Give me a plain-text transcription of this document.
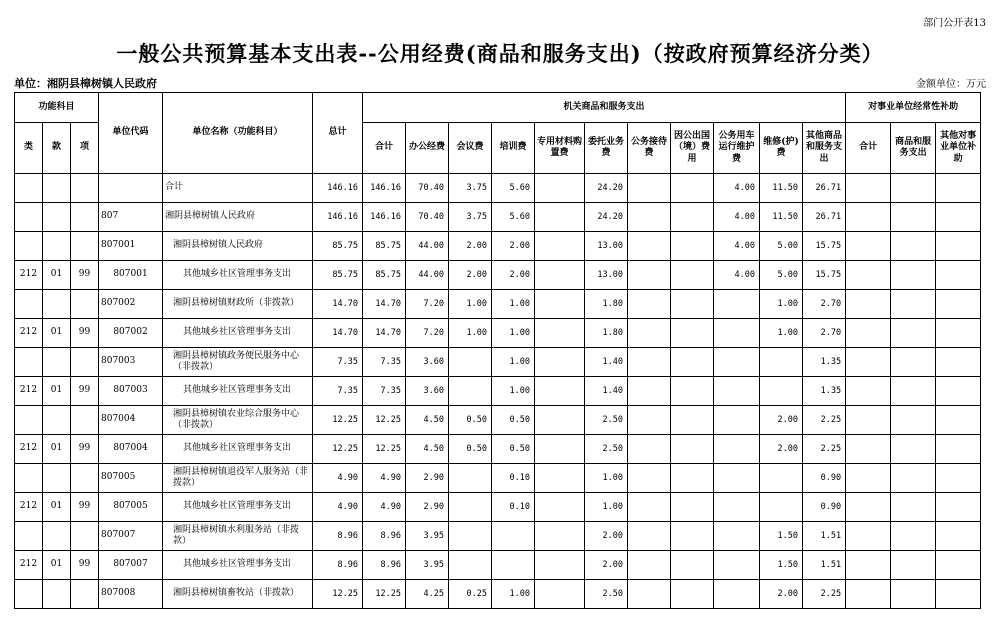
部门公开表13
一般公共预算基本支出表--公用经费(商品和服务支出)（按政府预算经济分类）
单位：湘阴县樟树镇人民政府	金额单位：万元
功能科目			单位代码	单位名称（功能科目）	总计	机关商品和服务支出											对事业单位经常性补助		
类	款	项				合计	办公经费	会议费	培训费	专用材料购置费	委托业务费	公务接待费	因公出国（境）费用	公务用车运行维护费	维修(护)费	其他商品和服务支出	合计	商品和服务支出	其他对事业单位补助
				合计	146.16	146.16	70.40	3.75	5.60		24.20			4.00	11.50	26.71			
			807	湘阴县樟树镇人民政府	146.16	146.16	70.40	3.75	5.60		24.20			4.00	11.50	26.71			
			807001	湘阴县樟树镇人民政府	85.75	85.75	44.00	2.00	2.00		13.00			4.00	5.00	15.75			
212	01	99	807001	其他城乡社区管理事务支出	85.75	85.75	44.00	2.00	2.00		13.00			4.00	5.00	15.75			
			807002	湘阴县樟树镇财政所（非拨款）	14.70	14.70	7.20	1.00	1.00		1.80				1.00	2.70			
212	01	99	807002	其他城乡社区管理事务支出	14.70	14.70	7.20	1.00	1.00		1.80				1.00	2.70			
			807003	湘阴县樟树镇政务便民服务中心（非拨款）	7.35	7.35	3.60		1.00		1.40					1.35			
212	01	99	807003	其他城乡社区管理事务支出	7.35	7.35	3.60		1.00		1.40					1.35			
			807004	湘阴县樟树镇农业综合服务中心（非拨款）	12.25	12.25	4.50	0.50	0.50		2.50				2.00	2.25			
212	01	99	807004	其他城乡社区管理事务支出	12.25	12.25	4.50	0.50	0.50		2.50				2.00	2.25			
			807005	湘阴县樟树镇退役军人服务站（非拨款）	4.90	4.90	2.90		0.10		1.00					0.90			
212	01	99	807005	其他城乡社区管理事务支出	4.90	4.90	2.90		0.10		1.00					0.90			
			807007	湘阴县樟树镇水利服务站（非拨款）	8.96	8.96	3.95				2.00				1.50	1.51			
212	01	99	807007	其他城乡社区管理事务支出	8.96	8.96	3.95				2.00				1.50	1.51			
			807008	湘阴县樟树镇畜牧站（非拨款）	12.25	12.25	4.25	0.25	1.00		2.50				2.00	2.25			
